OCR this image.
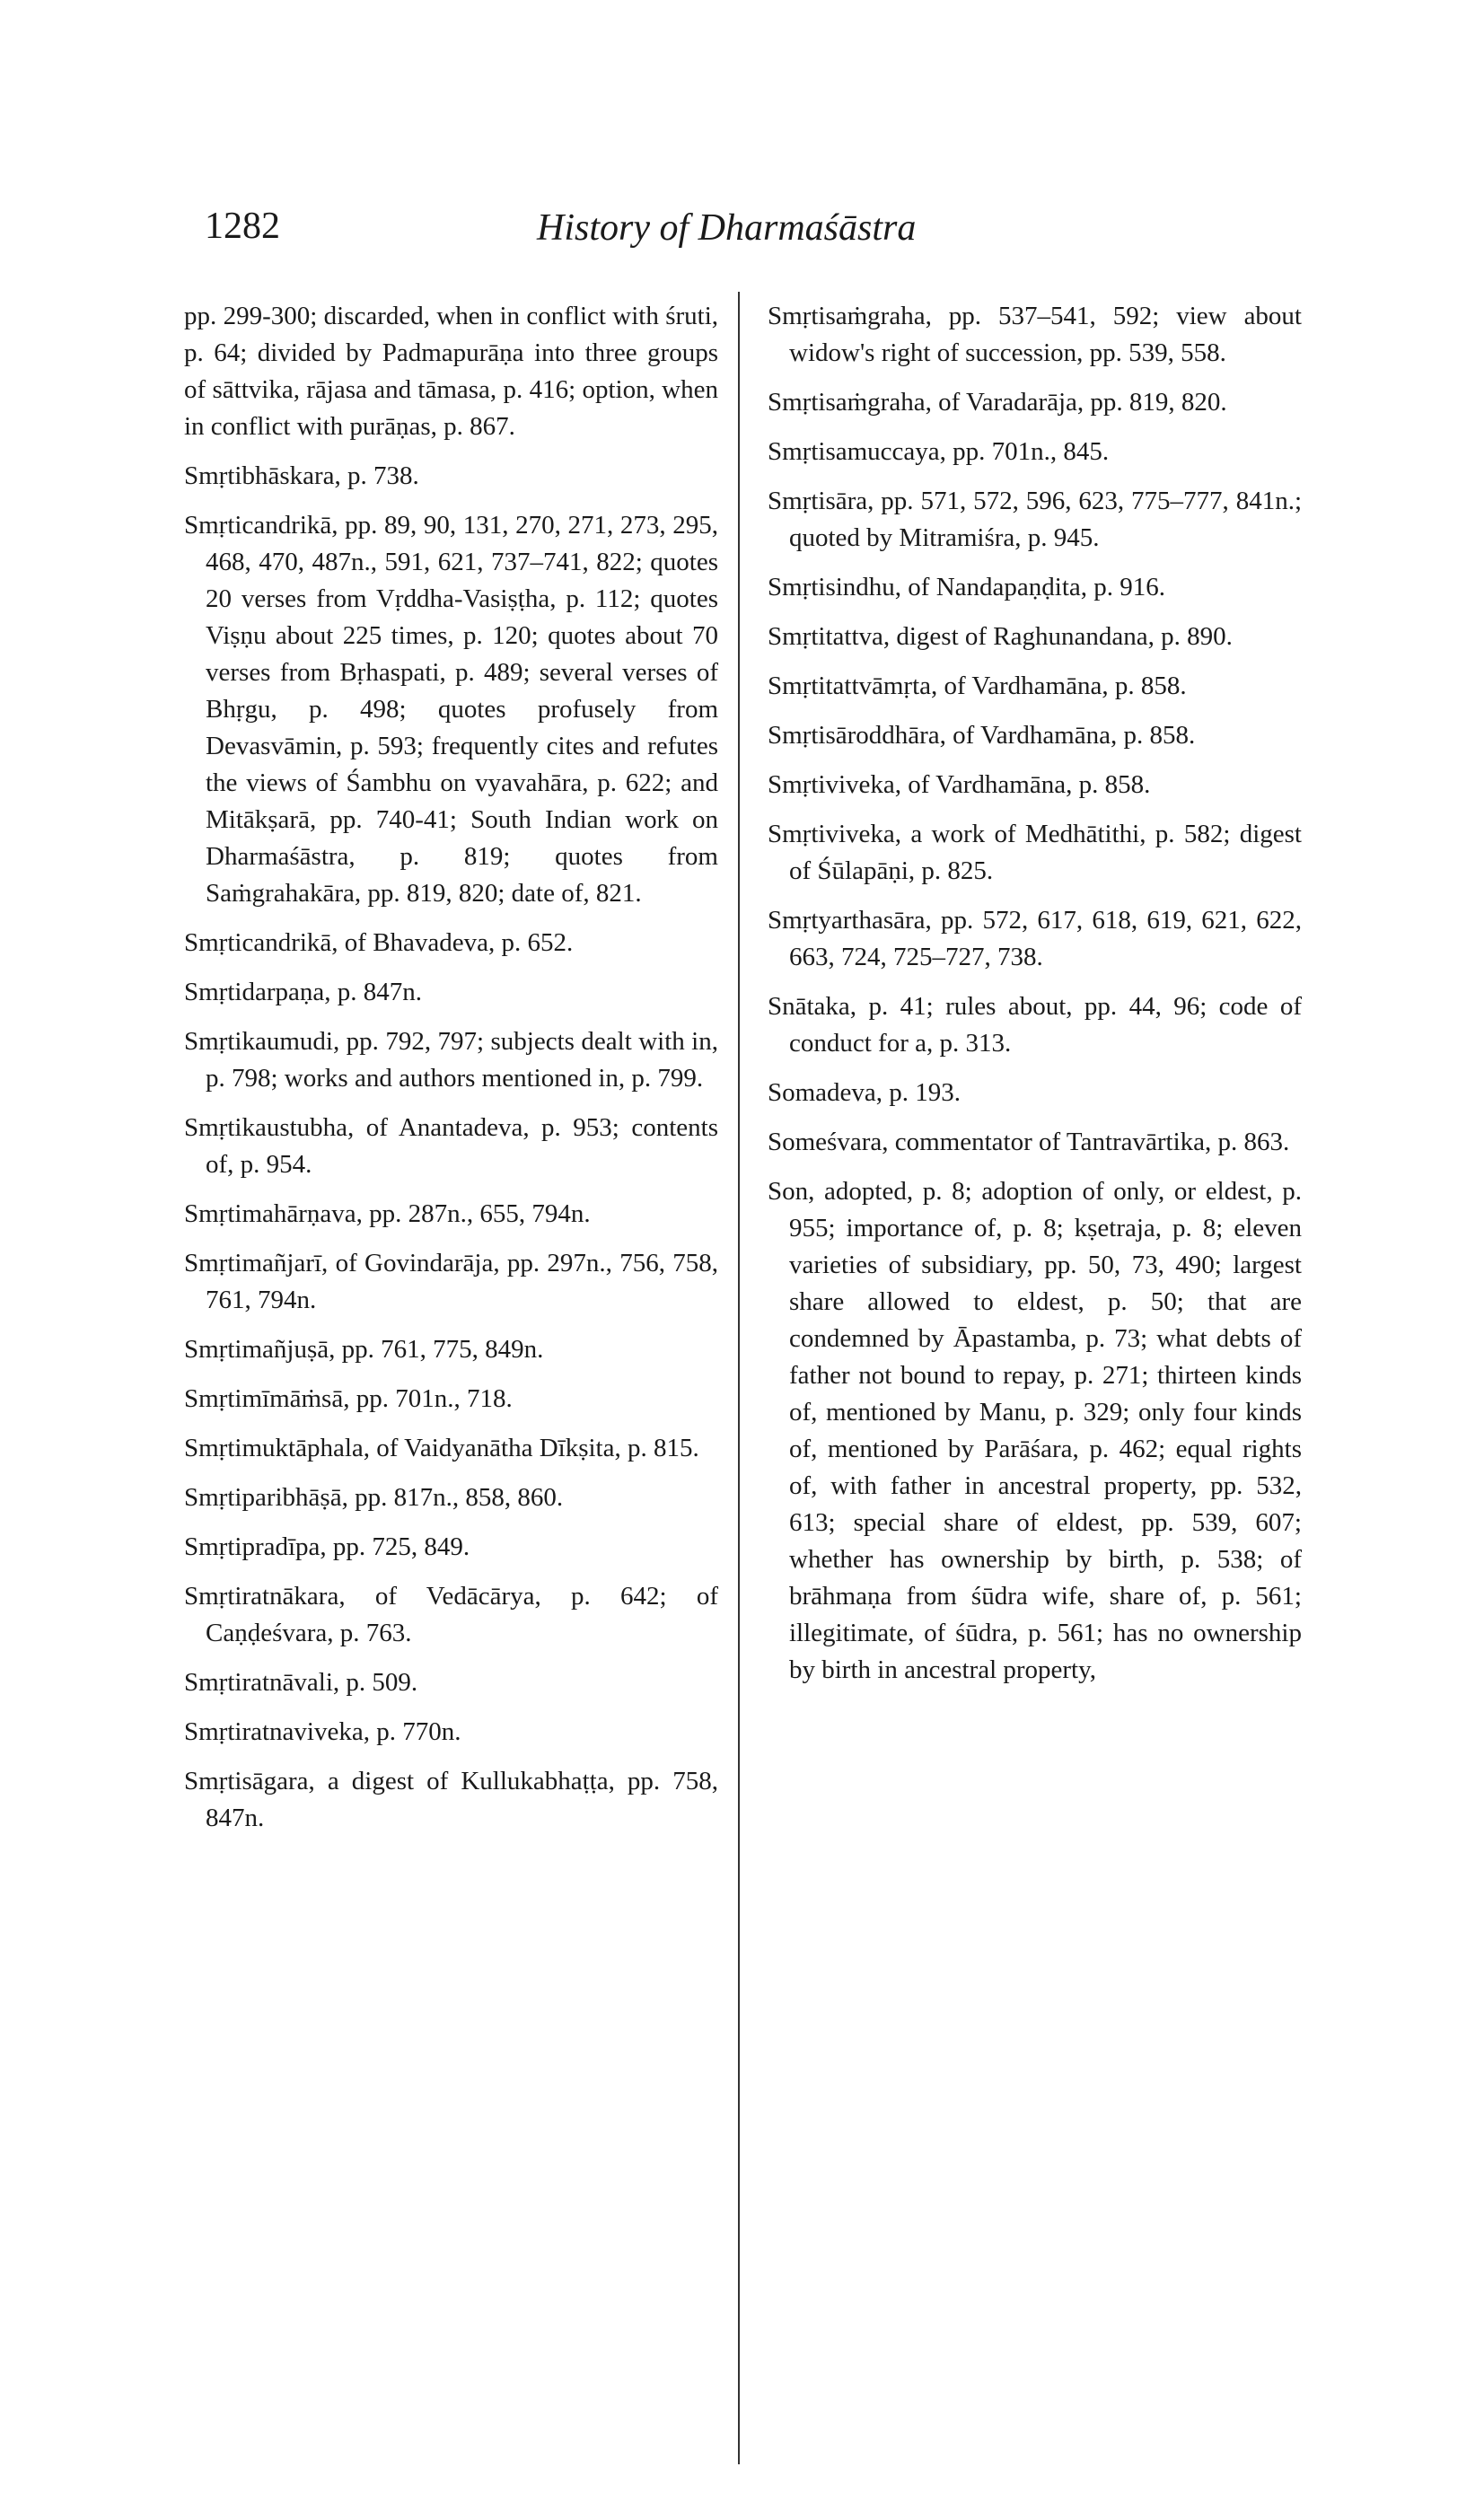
1282	History of Dharmaśāstra

pp. 299-300; discarded, when in conflict with śruti, p. 64; divided by Padmapurāṇa into three groups of sāttvika, rājasa and tāmasa, p. 416; option, when in conflict with purāṇas, p. 867.

Smṛtibhāskara, p. 738.

Smṛticandrikā, pp. 89, 90, 131, 270, 271, 273, 295, 468, 470, 487n., 591, 621, 737–741, 822; quotes 20 verses from Vṛddha-Vasiṣṭha, p. 112; quotes Viṣṇu about 225 times, p. 120; quotes about 70 verses from Bṛhaspati, p. 489; several verses of Bhṛgu, p. 498; quotes profusely from Devasvāmin, p. 593; frequently cites and refutes the views of Śambhu on vyavahāra, p. 622; and Mitākṣarā, pp. 740-41; South Indian work on Dharmaśāstra, p. 819; quotes from Saṁgrahakāra, pp. 819, 820; date of, 821.

Smṛticandrikā, of Bhavadeva, p. 652.

Smṛtidarpaṇa, p. 847n.

Smṛtikaumudi, pp. 792, 797; subjects dealt with in, p. 798; works and authors mentioned in, p. 799.

Smṛtikaustubha, of Anantadeva, p. 953; contents of, p. 954.

Smṛtimahārṇava, pp. 287n., 655, 794n.

Smṛtimañjarī, of Govindarāja, pp. 297n., 756, 758, 761, 794n.

Smṛtimañjuṣā, pp. 761, 775, 849n.

Smṛtimīmāṁsā, pp. 701n., 718.

Smṛtimuktāphala, of Vaidyanātha Dīkṣita, p. 815.

Smṛtiparibhāṣā, pp. 817n., 858, 860.

Smṛtipradīpa, pp. 725, 849.

Smṛtiratnākara, of Vedācārya, p. 642; of Caṇḍeśvara, p. 763.

Smṛtiratnāvali, p. 509.

Smṛtiratnaviveka, p. 770n.

Smṛtisāgara, a digest of Kullukabhaṭṭa, pp. 758, 847n.

Smṛtisaṁgraha, pp. 537–541, 592; view about widow's right of succession, pp. 539, 558.

Smṛtisaṁgraha, of Varadarāja, pp. 819, 820.

Smṛtisamuccaya, pp. 701n., 845.

Smṛtisāra, pp. 571, 572, 596, 623, 775–777, 841n.; quoted by Mitramiśra, p. 945.

Smṛtisindhu, of Nandapaṇḍita, p. 916.

Smṛtitattva, digest of Raghunandana, p. 890.

Smṛtitattvāmṛta, of Vardhamāna, p. 858.

Smṛtisāroddhāra, of Vardhamāna, p. 858.

Smṛtiviveka, of Vardhamāna, p. 858.

Smṛtiviveka, a work of Medhātithi, p. 582; digest of Śūlapāṇi, p. 825.

Smṛtyarthasāra, pp. 572, 617, 618, 619, 621, 622, 663, 724, 725–727, 738.

Snātaka, p. 41; rules about, pp. 44, 96; code of conduct for a, p. 313.

Somadeva, p. 193.

Someśvara, commentator of Tantravārtika, p. 863.

Son, adopted, p. 8; adoption of only, or eldest, p. 955; importance of, p. 8; kṣetraja, p. 8; eleven varieties of subsidiary, pp. 50, 73, 490; largest share allowed to eldest, p. 50; that are condemned by Āpastamba, p. 73; what debts of father not bound to repay, p. 271; thirteen kinds of, mentioned by Manu, p. 329; only four kinds of, mentioned by Parāśara, p. 462; equal rights of, with father in ancestral property, pp. 532, 613; special share of eldest, pp. 539, 607; whether has ownership by birth, p. 538; of brāhmaṇa from śūdra wife, share of, p. 561; illegitimate, of śūdra, p. 561; has no ownership by birth in ancestral property,
